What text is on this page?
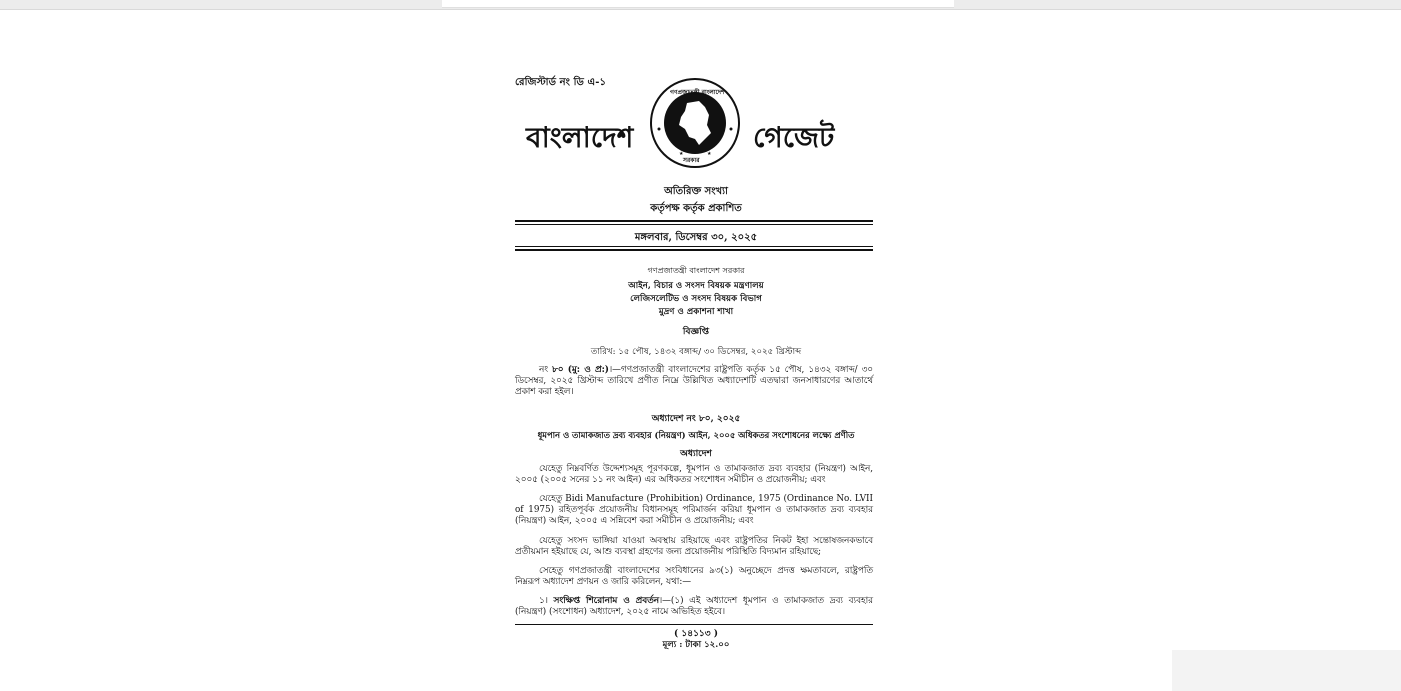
রেজিস্টার্ড নং ডি এ-১
বাংলাদেশ	★	★
গণপ্রজাতন্ত্রী বাংলাদেশ
সরকার
গেজেট
অতিরিক্ত সংখ্যা
কর্তৃপক্ষ কর্তৃক প্রকাশিত
মঙ্গলবার, ডিসেম্বর ৩০, ২০২৫
গণপ্রজাতন্ত্রী বাংলাদেশ সরকার
আইন, বিচার ও সংসদ বিষয়ক মন্ত্রণালয়
লেজিসলেটিভ ও সংসদ বিষয়ক বিভাগ
মুদ্রণ ও প্রকাশনা শাখা
বিজ্ঞপ্তি
তারিখ: ১৫ পৌষ, ১৪৩২ বঙ্গাব্দ/ ৩০ ডিসেম্বর, ২০২৫ খ্রিস্টাব্দ
নং ৮০ (মু: ও প্র:)।—গণপ্রজাতন্ত্রী বাংলাদেশের রাষ্ট্রপতি কর্তৃক ১৫ পৌষ, ১৪৩২ বঙ্গাব্দ/ ৩০ ডিসেম্বর, ২০২৫ খ্রিস্টাব্দ তারিখে প্রণীত নিম্নে উল্লিখিত অধ্যাদেশটি এতদ্বারা জনসাধারণের আতার্থে প্রকাশ করা হইল।
অধ্যাদেশ নং ৮০, ২০২৫
ধূমপান ও তামাকজাত দ্রব্য ব্যবহার (নিয়ন্ত্রণ) আইন, ২০০৫ অধিকতর সংশোধনের লক্ষ্যে প্রণীত
অধ্যাদেশ
যেহেতু নিম্নবর্ণিত উদ্দেশ্যসমূহ পূরণকল্পে, ধূমপান ও তামাকজাত দ্রব্য ব্যবহার (নিয়ন্ত্রণ) আইন, ২০০৫ (২০০৫ সনের ১১ নং আইন) এর অধিকতর সংশোধন সমীচীন ও প্রয়োজনীয়; এবং
যেহেতু Bidi Manufacture (Prohibition) Ordinance, 1975 (Ordinance No. LVII of 1975) রহিতপূর্বক প্রয়োজনীয় বিধানসমূহ পরিমার্জন করিয়া ধূমপান ও তামাকজাত দ্রব্য ব্যবহার (নিয়ন্ত্রণ) আইন, ২০০৫ এ সন্নিবেশ করা সমীচীন ও প্রয়োজনীয়; এবং
যেহেতু সংসদ ভাঙ্গিয়া যাওয়া অবস্থায় রহিয়াছে এবং রাষ্ট্রপতির নিকট ইহা সন্তোষজনকভাবে প্রতীয়মান হইয়াছে যে, আশু ব্যবস্থা গ্রহণের জন্য প্রয়োজনীয় পরিস্থিতি বিদ্যমান রহিয়াছে;
সেহেতু গণপ্রজাতন্ত্রী বাংলাদেশের সংবিধানের ৯৩(১) অনুচ্ছেদে প্রদত্ত ক্ষমতাবলে, রাষ্ট্রপতি নিম্নরূপ অধ্যাদেশ প্রণয়ন ও জারি করিলেন, যথা:—
১। সংক্ষিপ্ত শিরোনাম ও প্রবর্তন।—(১) এই অধ্যাদেশ ধূমপান ও তামাকজাত দ্রব্য ব্যবহার (নিয়ন্ত্রণ) (সংশোধন) অধ্যাদেশ, ২০২৫ নামে অভিহিত হইবে।
( ১৪১১৩ )
মূল্য : টাকা ১২.০০
